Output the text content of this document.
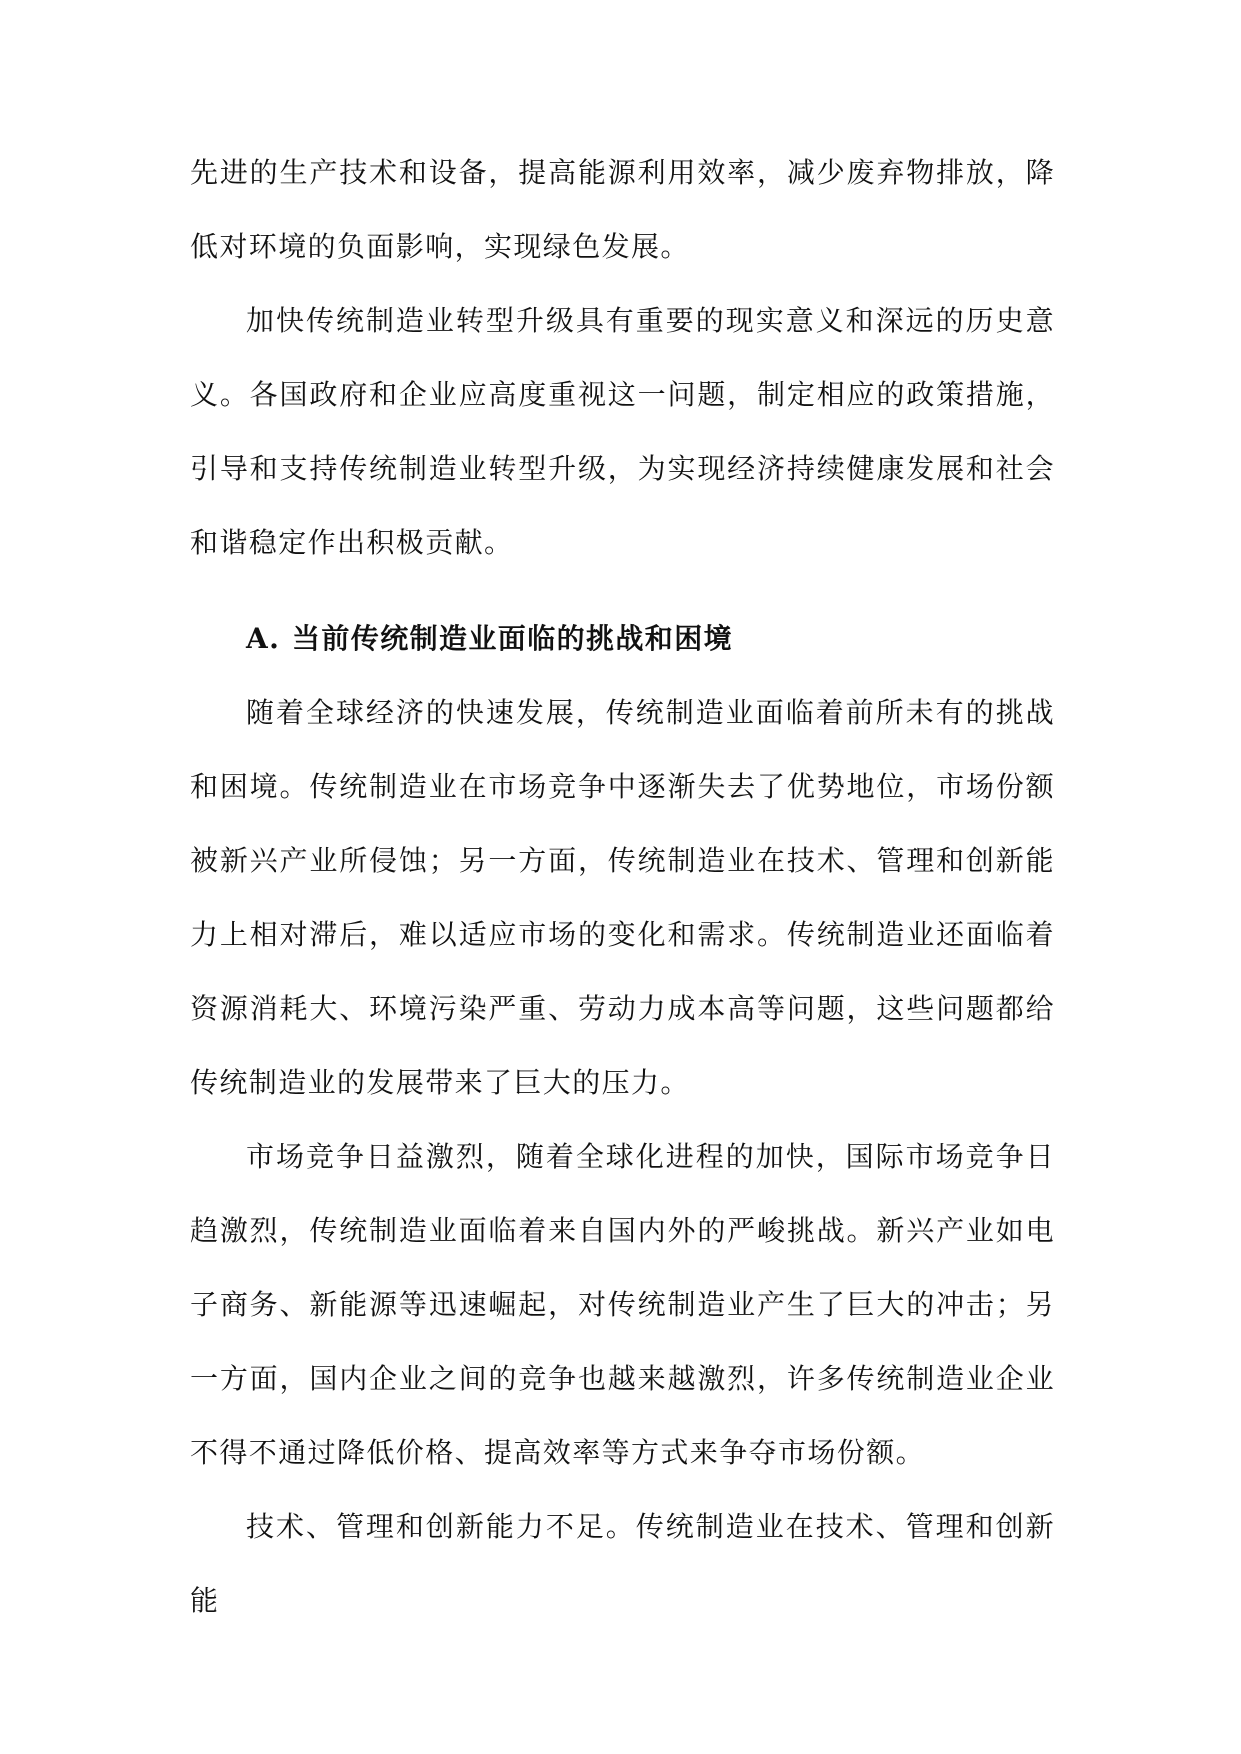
先进的生产技术和设备，提高能源利用效率，减少废弃物排放，降低对环境的负面影响，实现绿色发展。

加快传统制造业转型升级具有重要的现实意义和深远的历史意义。各国政府和企业应高度重视这一问题，制定相应的政策措施，引导和支持传统制造业转型升级，为实现经济持续健康发展和社会和谐稳定作出积极贡献。

A. 当前传统制造业面临的挑战和困境

随着全球经济的快速发展，传统制造业面临着前所未有的挑战和困境。传统制造业在市场竞争中逐渐失去了优势地位，市场份额被新兴产业所侵蚀；另一方面，传统制造业在技术、管理和创新能力上相对滞后，难以适应市场的变化和需求。传统制造业还面临着资源消耗大、环境污染严重、劳动力成本高等问题，这些问题都给传统制造业的发展带来了巨大的压力。

市场竞争日益激烈，随着全球化进程的加快，国际市场竞争日趋激烈，传统制造业面临着来自国内外的严峻挑战。新兴产业如电子商务、新能源等迅速崛起，对传统制造业产生了巨大的冲击；另一方面，国内企业之间的竞争也越来越激烈，许多传统制造业企业不得不通过降低价格、提高效率等方式来争夺市场份额。

技术、管理和创新能力不足。传统制造业在技术、管理和创新能
